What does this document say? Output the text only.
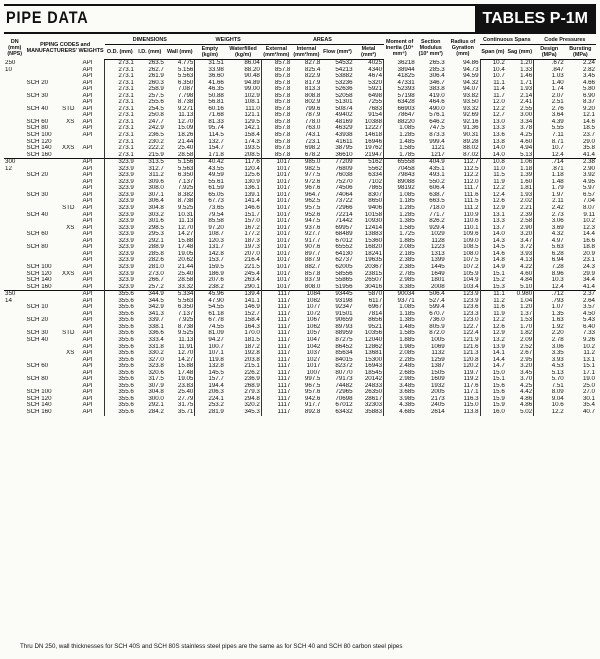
PIPE DATA	TABLES P-1M
DN (mm) (NPS)	PIPING CODES and MANUFACTURERS' WEIGHTS	DIMENSIONS			WEIGHTS		AREAS				Moment of Inertia (10⁴ mm⁴)	Section Modulus (10³ mm³)	Radius of Gyration (mm)	Continuous Spans		Code Pressures	
		O.D. (mm)	I.D. (mm)	Wall (mm)	Empty (kg/m)	Waterfilled (kg/m)	External (mm²/mm)	Internal (mm²/mm)	Flow (mm²)	Metal (mm²)				Span (m)	Sag (mm)	Design (MPa)	Bursting (MPa)
250	API	273.1	263.5	4.775	31.51	86.04	857.8	827.8	54532	4025	36218	265.3	94.86	10.2	1.20	.672	2.24
10	API	273.1	262.7	5.156	33.98	88.20	857.8	825.4	54213	4340	38944	285.3	94.73	10.4	1.33	.847	2.82
	API	273.1	261.9	5.563	36.60	90.48	857.8	822.9	53882	4674	41825	306.4	94.59	10.7	1.46	1.03	3.45
	SCH 20 API	273.1	260.3	6.350	41.66	94.89	857.8	817.9	53236	5320	47331	346.7	94.32	11.1	1.71	1.40	4.66
	API	273.1	258.9	7.087	46.35	99.00	857.8	813.3	52636	5921	52393	383.8	94.07	11.4	1.93	1.74	5.80
	SCH 30 API	273.1	257.5	7.798	50.88	102.9	857.8	808.8	52058	6498	57198	419.0	93.82	11.7	2.14	2.07	6.90
	API	273.1	255.6	8.738	56.81	108.1	857.8	802.9	51301	7255	63428	464.6	93.50	12.0	2.41	2.51	8.37
	SCH 40 STD API	273.1	254.5	9.271	60.16	111.0	857.8	799.6	50874	7683	66903	490.0	93.32	12.2	2.55	2.76	9.20
	API	273.1	250.8	11.13	71.68	121.1	857.8	787.9	49402	9154	78647	576.1	92.69	12.7	3.00	3.64	12.1
	SCH 60 XS API	273.1	247.7	12.70	81.33	129.5	857.8	778.0	48169	10388	88220	646.2	92.16	13.0	3.34	4.39	14.6
	SCH 80 API	273.1	242.9	15.09	95.74	142.1	857.8	763.0	46329	12227	1.085	747.5	91.36	13.3	3.78	5.55	18.5
	SCH 100 API	273.1	236.5	18.26	114.5	158.4	857.8	743.1	43938	14618	1.285	873.3	90.31	13.6	4.25	7.11	23.7
	SCH 120	273.1	230.2	21.44	132.7	174.3	857.8	723.1	41611	16946	1.485	999.4	89.28	13.8	4.60	8.71	29.0
	SCH 140 XXS API	273.1	222.2	25.40	154.7	193.5	857.8	698.2	38795	19762	1.585	1121	88.02	14.0	4.94	10.7	35.8
	SCH 160	273.1	215.9	28.58	171.8	208.5	857.8	678.2	36610	21947	1.785	1217	87.02	14.0	5.13	12.4	41.4
300	API	323.9	313.5	5.156	40.42	117.6	1017	985.0	77209	5162	65558	404.9	112.7	10.8	1.06	.714	2.38
12	API	323.9	312.7	5.563	43.55	120.4	1017	982.5	76809	5562	70458	435.1	112.5	11.0	1.18	.871	2.90
	SCH 20 API	323.9	311.2	6.350	49.59	125.6	1017	977.5	76038	6334	79843	493.1	112.2	11.5	1.39	1.18	3.92
	API	323.9	309.6	7.137	55.61	130.9	1017	972.6	75270	7102	89088	550.2	112.0	11.9	1.60	1.48	4.95
	API	323.9	308.0	7.925	61.59	136.1	1017	967.6	74506	7865	98192	606.4	111.7	12.2	1.81	1.79	5.97
	SCH 30 API	323.9	307.1	8.382	65.05	139.1	1017	964.7	74064	8307	1.085	638.7	111.6	12.4	1.93	1.97	6.57
	API	323.9	306.4	8.738	67.73	141.4	1017	962.5	73722	8650	1.185	663.5	111.5	12.6	2.02	2.11	7.04
	STD API	323.9	304.8	9.525	73.65	146.6	1017	957.5	72966	9406	1.285	718.0	111.2	12.9	2.21	2.42	8.07
	SCH 40 API	323.9	303.2	10.31	79.54	151.7	1017	952.6	72214	10158	1.285	771.7	110.9	13.1	2.39	2.73	9.11
	API	323.9	301.6	11.13	85.58	157.0	1017	947.5	71442	10930	1.385	826.2	110.6	13.3	2.58	3.06	10.2
	XS API	323.9	298.5	12.70	97.20	167.2	1017	937.6	69957	12414	1.585	929.4	110.1	13.7	2.90	3.69	12.3
	SCH 60 API	323.9	295.3	14.27	108.7	177.2	1017	927.7	68489	13883	1.725	1029	109.6	14.0	3.20	4.32	14.4
	API	323.9	292.1	15.88	120.3	187.3	1017	917.7	67012	15360	1.885	1128	109.0	14.3	3.47	4.97	16.6
	SCH 80 API	323.9	288.9	17.48	131.7	197.3	1017	907.6	65552	16820	2.085	1223	108.5	14.5	3.72	5.63	18.8
	API	323.9	285.8	19.05	142.8	207.0	1017	897.7	64130	18241	2.185	1313	108.0	14.6	3.93	6.28	20.9
	API	323.9	282.6	20.62	153.7	216.4	1017	887.9	62737	19635	2.385	1399	107.5	14.8	4.13	6.94	23.1
	SCH 100 API	323.9	281.0	21.44	159.5	221.5	1017	882.7	62005	20367	2.385	1445	107.2	14.9	4.22	7.28	24.3
	SCH 120 XXS API	323.9	273.0	25.40	186.9	245.4	1017	857.8	58556	23815	2.785	1649	105.9	15.1	4.60	8.96	29.9
	SCH 140 API	323.9	266.7	28.58	207.6	263.4	1017	837.9	55865	26507	2.985	1801	104.9	15.2	4.84	10.3	34.4
	SCH 160 API	323.9	257.2	33.32	238.2	290.1	1017	808.0	51956	30416	3.385	2008	103.4	15.3	5.10	12.4	41.4
350	API	355.6	344.9	5.334	45.96	139.4	1117	1084	93445	5870	90034	506.4	123.9	11.1	0.980	.712	2.37
14	API	355.6	344.5	5.563	47.90	141.1	1117	1082	93198	6117	93771	527.4	123.9	11.2	1.04	.793	2.64
	SCH 10 API	355.6	342.9	6.350	54.55	146.9	1117	1077	92347	6967	1.085	599.4	123.6	11.6	1.20	1.07	3.57
	API	355.6	341.3	7.137	61.18	152.7	1117	1072	91501	7814	1.185	670.7	123.3	11.9	1.37	1.35	4.50
	SCH 20 API	355.6	339.7	7.925	67.78	158.4	1117	1067	90659	8656	1.385	736.0	123.0	12.2	1.53	1.63	5.43
	API	355.6	338.1	8.738	74.55	164.3	1117	1062	89793	9521	1.485	805.9	122.7	12.6	1.70	1.92	6.40
	SCH 30 STD API	355.6	336.6	9.525	81.09	170.0	1117	1057	88959	10356	1.585	872.0	122.4	12.9	1.82	2.20	7.33
	SCH 40 API	355.6	333.4	11.13	94.27	181.5	1117	1047	87275	12040	1.885	1005	121.9	13.2	2.09	2.78	9.26
	API	355.6	331.8	11.91	100.7	187.2	1117	1042	86452	12862	1.985	1069	121.6	13.9	2.52	3.06	10.2
	XS API	355.6	330.2	12.70	107.1	192.8	1117	1037	85634	13681	2.085	1132	121.3	14.1	2.67	3.35	11.2
	API	355.6	327.0	14.27	119.8	203.8	1117	1027	84015	15300	2.285	1259	120.8	14.4	2.95	3.93	13.1
	SCH 60 API	355.6	323.8	15.88	132.8	215.1	1117	1017	82372	16943	2.485	1387	120.2	14.7	3.20	4.53	15.1
	API	355.6	320.6	17.48	145.5	226.2	1117	1007	80770	18545	2.685	1505	119.7	15.0	3.45	5.13	17.1
	SCH 80 API	355.6	317.5	19.05	157.7	236.9	1117	997.5	79173	20142	2.985	1609	119.2	15.1	3.70	5.70	19.0
	API	355.6	307.9	23.83	194.4	268.9	1117	967.5	74482	24833	3.485	1932	117.6	15.6	4.25	7.51	25.0
	SCH 100 API	355.6	304.8	25.40	206.3	279.3	1117	957.6	72965	26350	3.685	2005	117.1	15.6	4.42	8.09	27.0
	SCH 120 API	355.6	300.0	27.79	224.1	294.8	1117	942.6	70698	28617	3.985	2173	116.3	15.9	4.86	9.04	30.1
	SCH 140 API	355.6	292.1	31.75	253.2	320.2	1117	917.7	67012	32303	4.385	2405	115.0	15.9	4.86	10.6	35.4
	SCH 160 API	355.6	284.2	35.71	281.9	345.3	1117	892.8	63432	35883	4.685	2614	113.8	16.0	5.02	12.2	40.7
Thru DN 250, wall thicknesses for SCH 40S and SCH 80S stainless steel pipes are the same as for SCH 40 and SCH 80 carbon steel pipes
